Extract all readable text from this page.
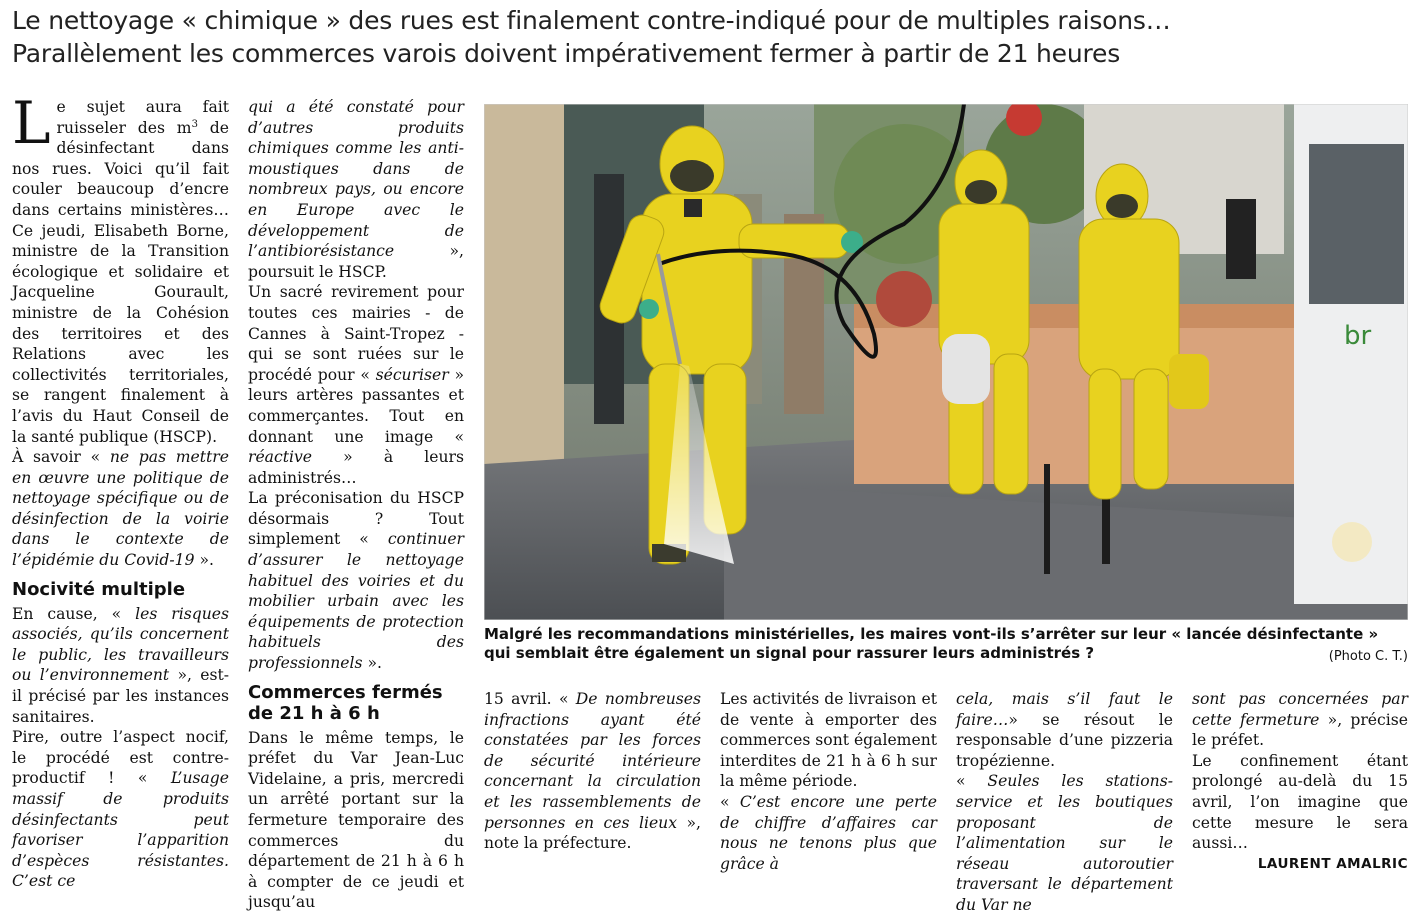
Le nettoyage « chimique » des rues est finalement contre-indiqué pour de multiples raisons…
Parallèlement les commerces varois doivent impérativement fermer à partir de 21 heures

Le sujet aura fait ruisseler des $m^3$ de désinfectant dans nos rues. Voici qu’il fait couler beaucoup d’encre dans certains ministères… Ce jeudi, Elisabeth Borne, ministre de la Transition écologique et solidaire et Jacqueline Gourault, ministre de la Cohésion des territoires et des Relations avec les collectivités territoriales, se rangent finalement à l’avis du Haut Conseil de la santé publique (HSCP).

À savoir « ne pas mettre en œuvre une politique de nettoyage spécifique ou de désinfection de la voirie dans le contexte de l’épidémie du Covid-19 ».

Nocivité multiple

En cause, « les risques associés, qu’ils concernent le public, les travailleurs ou l’environnement », est-il précisé par les instances sanitaires.

Pire, outre l’aspect nocif, le procédé est contre-productif ! « L’usage massif de produits désinfectants peut favoriser l’apparition d’espèces résistantes. C’est ce

qui a été constaté pour d’autres produits chimiques comme les anti-moustiques dans de nombreux pays, ou encore en Europe avec le développement de l’antibiorésistance », poursuit le HSCP.

Un sacré revirement pour toutes ces mairies - de Cannes à Saint-Tropez - qui se sont ruées sur le procédé pour « sécuriser » leurs artères passantes et commerçantes. Tout en donnant une image « réactive » à leurs administrés…

La préconisation du HSCP désormais ? Tout simplement « continuer d’assurer le nettoyage habituel des voiries et du mobilier urbain avec les équipements de protection habituels des professionnels ».

Commerces fermés de 21 h à 6 h

Dans le même temps, le préfet du Var Jean-Luc Videlaine, a pris, mercredi un arrêté portant sur la fermeture temporaire des commerces du département de 21 h à 6 h à compter de ce jeudi et jusqu’au

br
Malgré les recommandations ministérielles, les maires vont-ils s’arrêter sur leur « lancée désinfectante »
qui semblait être également un signal pour rassurer leurs administrés ?	(Photo C. T.)

15 avril. « De nombreuses infractions ayant été constatées par les forces de sécurité intérieure concernant la circulation et les rassemblements de personnes en ces lieux », note la préfecture.

Les activités de livraison et de vente à emporter des commerces sont également interdites de 21 h à 6 h sur la même période.

« C’est encore une perte de chiffre d’affaires car nous ne tenons plus que grâce à

cela, mais s’il faut le faire…» se résout le responsable d’une pizzeria tropézienne.

« Seules les stations-service et les boutiques proposant de l’alimentation sur le réseau autoroutier traversant le département du Var ne

sont pas concernées par cette fermeture », précise le préfet.

Le confinement étant prolongé au-delà du 15 avril, l’on imagine que cette mesure le sera aussi…

LAURENT AMALRIC
